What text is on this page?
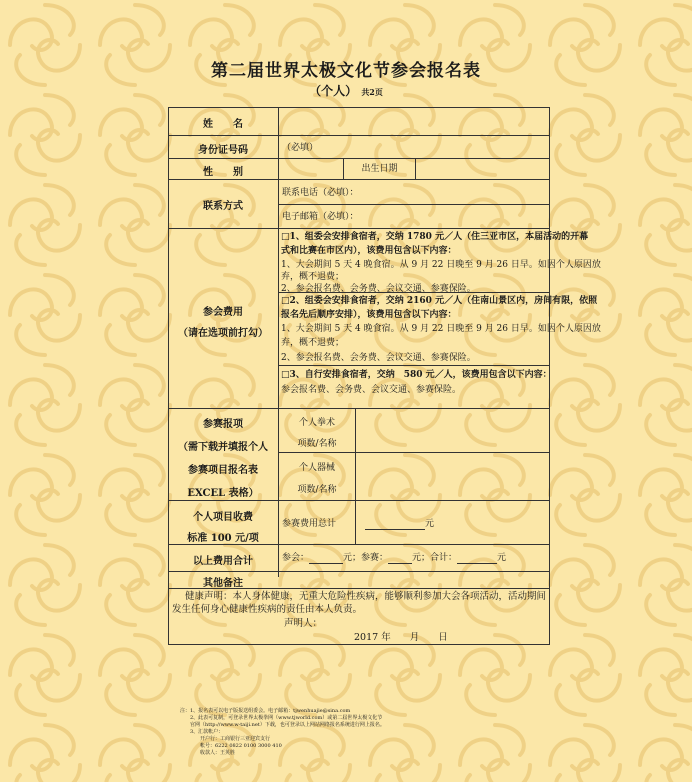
第二届世界太极文化节参会报名表
（个人） 共2页
姓　　名
身份证号码	（必填）
性　　别	出生日期
联系方式
联系电话（必填）：
电子邮箱（必填）：
参会费用
（请在选项前打勾）
□1、组委会安排食宿者，交纳 1780 元／人（住三亚市区，本届活动的开幕
式和比赛在市区内），该费用包含以下内容：
1、大会期间 5 天 4 晚食宿。从 9 月 22 日晚至 9 月 26 日早。如因个人原因放
弃，概不退费；
2、参会报名费、会务费、会议交通、参赛保险。
□2、组委会安排食宿者，交纳 2160 元／人（住南山景区内，房间有限，依照
报名先后顺序安排），该费用包含以下内容：
1、大会期间 5 天 4 晚食宿。从 9 月 22 日晚至 9 月 26 日早。如因个人原因放
弃，概不退费；
2、参会报名费、会务费、会议交通、参赛保险。
□3、自行安排食宿者，交纳　580 元／人，该费用包含以下内容：
参会报名费、会务费、会议交通、参赛保险。
参赛报项
（需下载并填报个人
参赛项目报名表
EXCEL 表格）
个人拳术
项数/名称
个人器械
项数/名称
个人项目收费
标准 100 元/项
参赛费用总计	元
以上费用合计	参会：	元；参赛：	元；合计：	元
其他备注
健康声明：本人身体健康，无重大危险性疾病，能够顺利参加大会各项活动，活动期间
发生任何身心健康性疾病的责任由本人负责。
声明人：
2017 年　　月　　日
注：1、报名表可以电子版报送组委会。电子邮箱：tjwenhuajie@sina.com
　　2、此表可复制，可登录世界太极拳网（www.tjworld.com）或第二届世界太极文化节
　　官网（http://www.w-taiji.net）下载，也可登录以上网站网络报名系统进行网上报名。
　　3、汇款帐户：
　　　　开户行：工商银行三亚迎宾支行
　　　　帐号：6222 0822 0100 3000 410
　　　　收款人：王英胜
